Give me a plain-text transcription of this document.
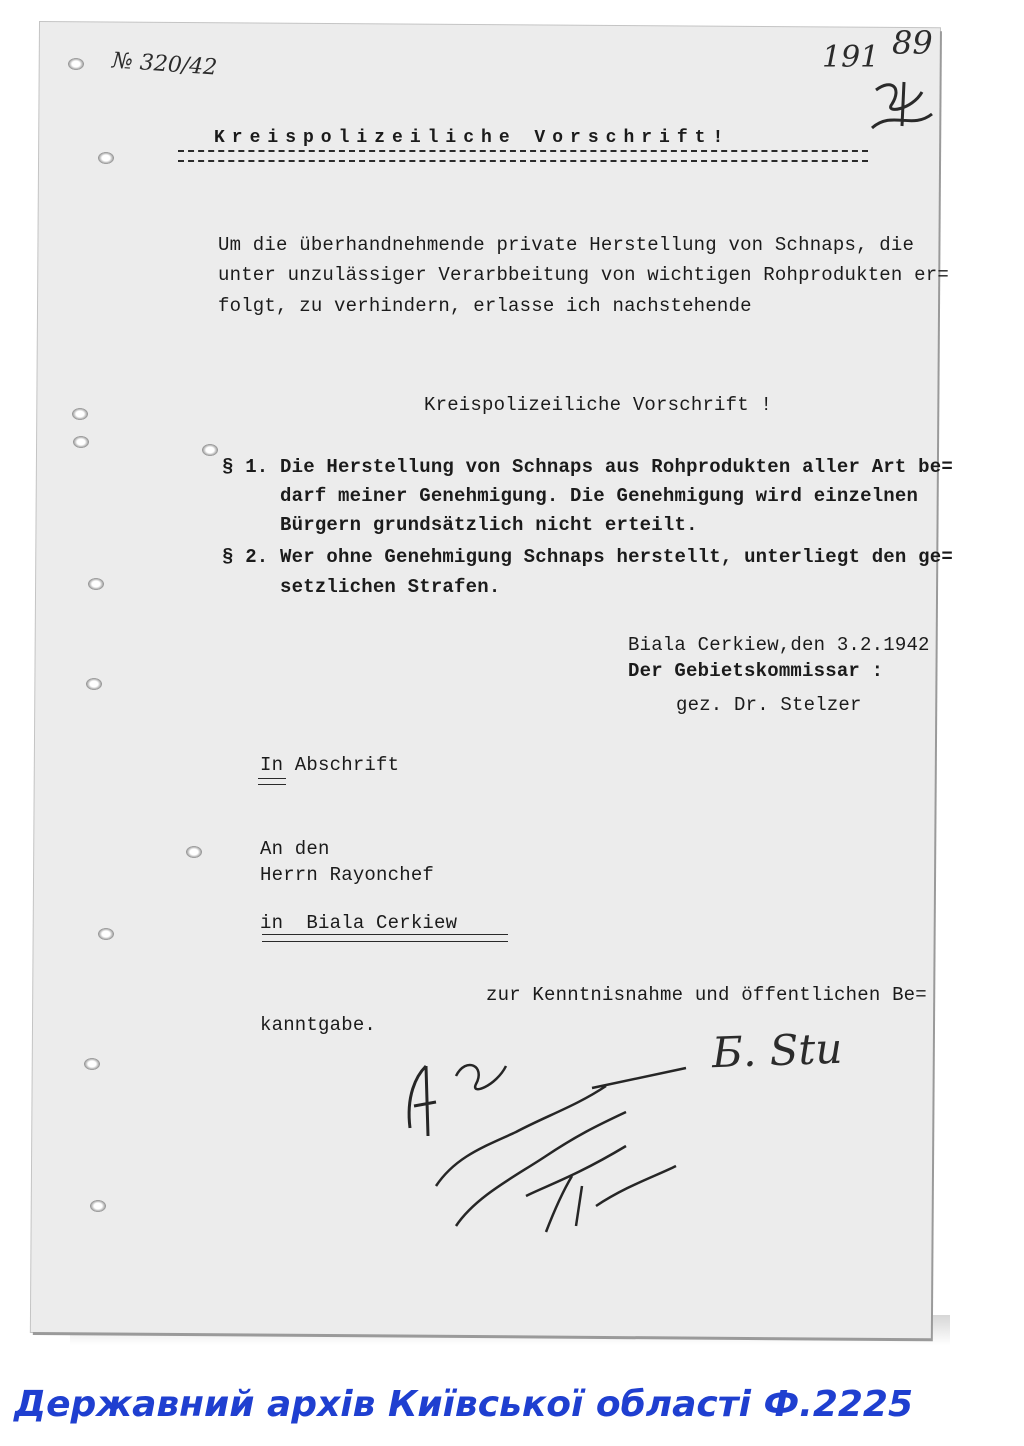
№ 320/42	191 89
Kreispolizeiliche Vorschrift!
Um die überhandnehmende private Herstellung von Schnaps, die
unter unzulässiger Verarbbeitung von wichtigen Rohprodukten er=
folgt, zu verhindern, erlasse ich nachstehende
Kreispolizeiliche Vorschrift !
§ 1. Die Herstellung von Schnaps aus Rohprodukten aller Art be=
darf meiner Genehmigung. Die Genehmigung wird einzelnen
Bürgern grundsätzlich nicht erteilt.
§ 2. Wer ohne Genehmigung Schnaps herstellt, unterliegt den ge=
setzlichen Strafen.
Biala Cerkiew,den 3.2.1942
Der Gebietskommissar :
gez. Dr. Stelzer
In Abschrift
An den
Herrn Rayonchef
in  Biala Cerkiew
zur Kenntnisnahme und öffentlichen Be=
kanntgabe.	Б. Stu
Державний архів Київської області Ф.2225
